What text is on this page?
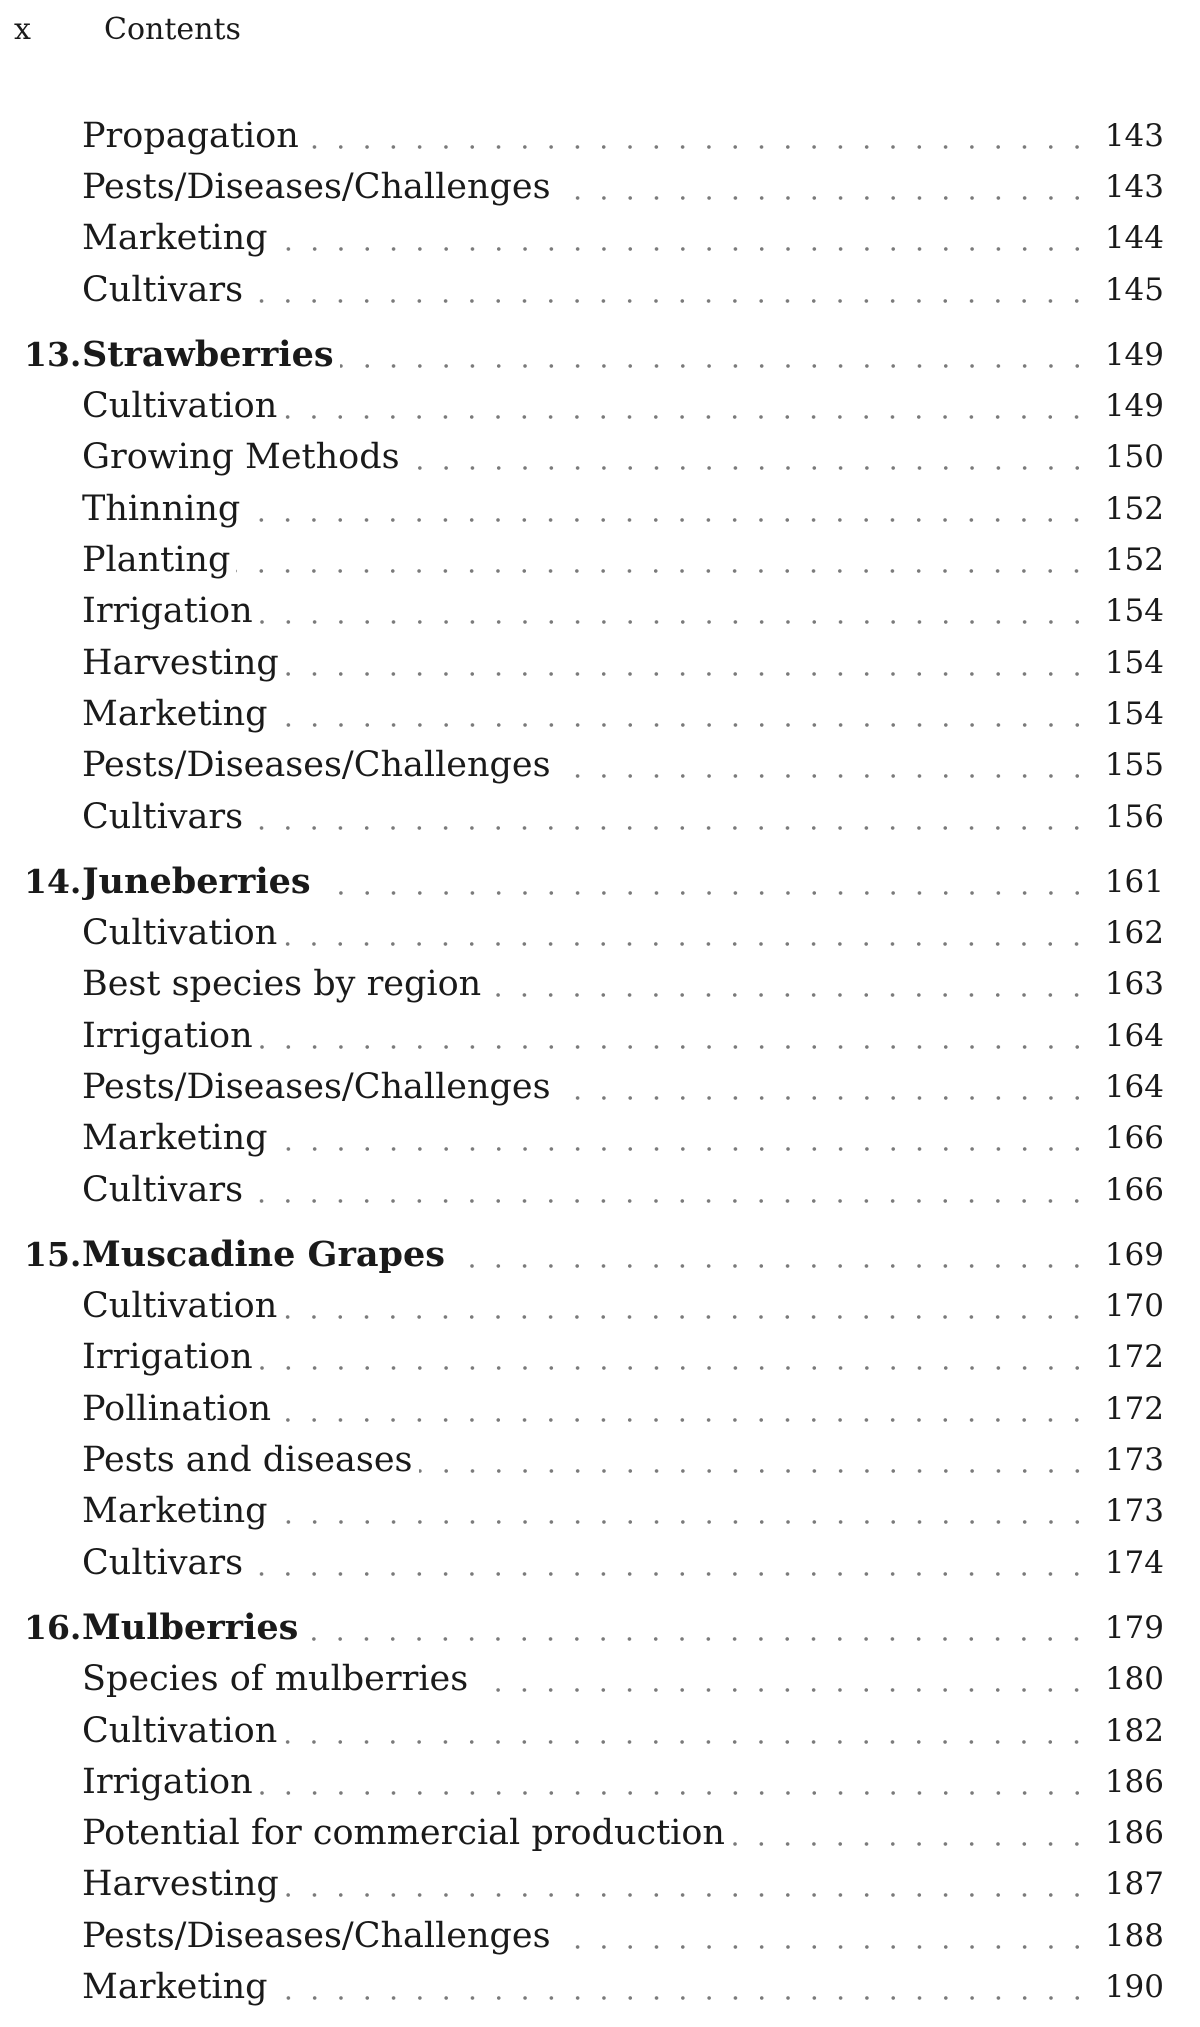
x	Contents
Propagation	143
Pests/Diseases/Challenges	143
Marketing	144
Cultivars	145
13. Strawberries	149
Cultivation	149
Growing Methods	150
Thinning	152
Planting	152
Irrigation	154
Harvesting	154
Marketing	154
Pests/Diseases/Challenges	155
Cultivars	156
14. Juneberries	161
Cultivation	162
Best species by region	163
Irrigation	164
Pests/Diseases/Challenges	164
Marketing	166
Cultivars	166
15. Muscadine Grapes	169
Cultivation	170
Irrigation	172
Pollination	172
Pests and diseases	173
Marketing	173
Cultivars	174
16. Mulberries	179
Species of mulberries	180
Cultivation	182
Irrigation	186
Potential for commercial production	186
Harvesting	187
Pests/Diseases/Challenges	188
Marketing	190
